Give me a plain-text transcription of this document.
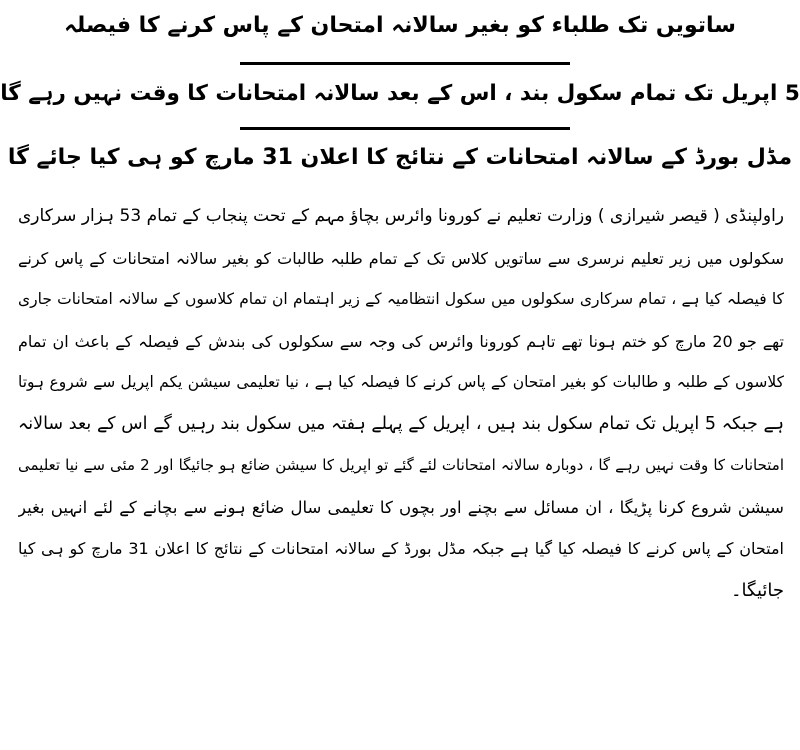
ساتویں تک طلباء کو بغیر سالانہ امتحان کے پاس کرنے کا فیصلہ
5 اپریل تک تمام سکول بند ، اس کے بعد سالانہ امتحانات کا وقت نہیں رہے گا
مڈل بورڈ کے سالانہ امتحانات کے نتائج کا اعلان 31 مارچ کو ہی کیا جائے گا
راولپنڈی ( قیصر شیرازی ) وزارت تعلیم نے کورونا وائرس بچاؤ مہم کے تحت پنجاب کے تمام 53 ہزار سرکاری
سکولوں میں زیر تعلیم نرسری سے ساتویں کلاس تک کے تمام طلبہ طالبات کو بغیر سالانہ امتحانات کے پاس کرنے
کا فیصلہ کیا ہے ، تمام سرکاری سکولوں میں سکول انتظامیہ کے زیر اہتمام ان تمام کلاسوں کے سالانہ امتحانات جاری
تھے جو 20 مارچ کو ختم ہونا تھے تاہم کورونا وائرس کی وجہ سے سکولوں کی بندش کے فیصلہ کے باعث ان تمام
کلاسوں کے طلبہ و طالبات کو بغیر امتحان کے پاس کرنے کا فیصلہ کیا ہے ، نیا تعلیمی سیشن یکم اپریل سے شروع ہوتا
ہے جبکہ 5 اپریل تک تمام سکول بند ہیں ، اپریل کے پہلے ہفتہ میں سکول بند رہیں گے اس کے بعد سالانہ
امتحانات کا وقت نہیں رہے گا ، دوبارہ سالانہ امتحانات لئے گئے تو اپریل کا سیشن ضائع ہو جائیگا اور 2 مئی سے نیا تعلیمی
سیشن شروع کرنا پڑیگا ، ان مسائل سے بچنے اور بچوں کا تعلیمی سال ضائع ہونے سے بچانے کے لئے انہیں بغیر
امتحان کے پاس کرنے کا فیصلہ کیا گیا ہے جبکہ مڈل بورڈ کے سالانہ امتحانات کے نتائج کا اعلان 31 مارچ کو ہی کیا
جائیگا۔
